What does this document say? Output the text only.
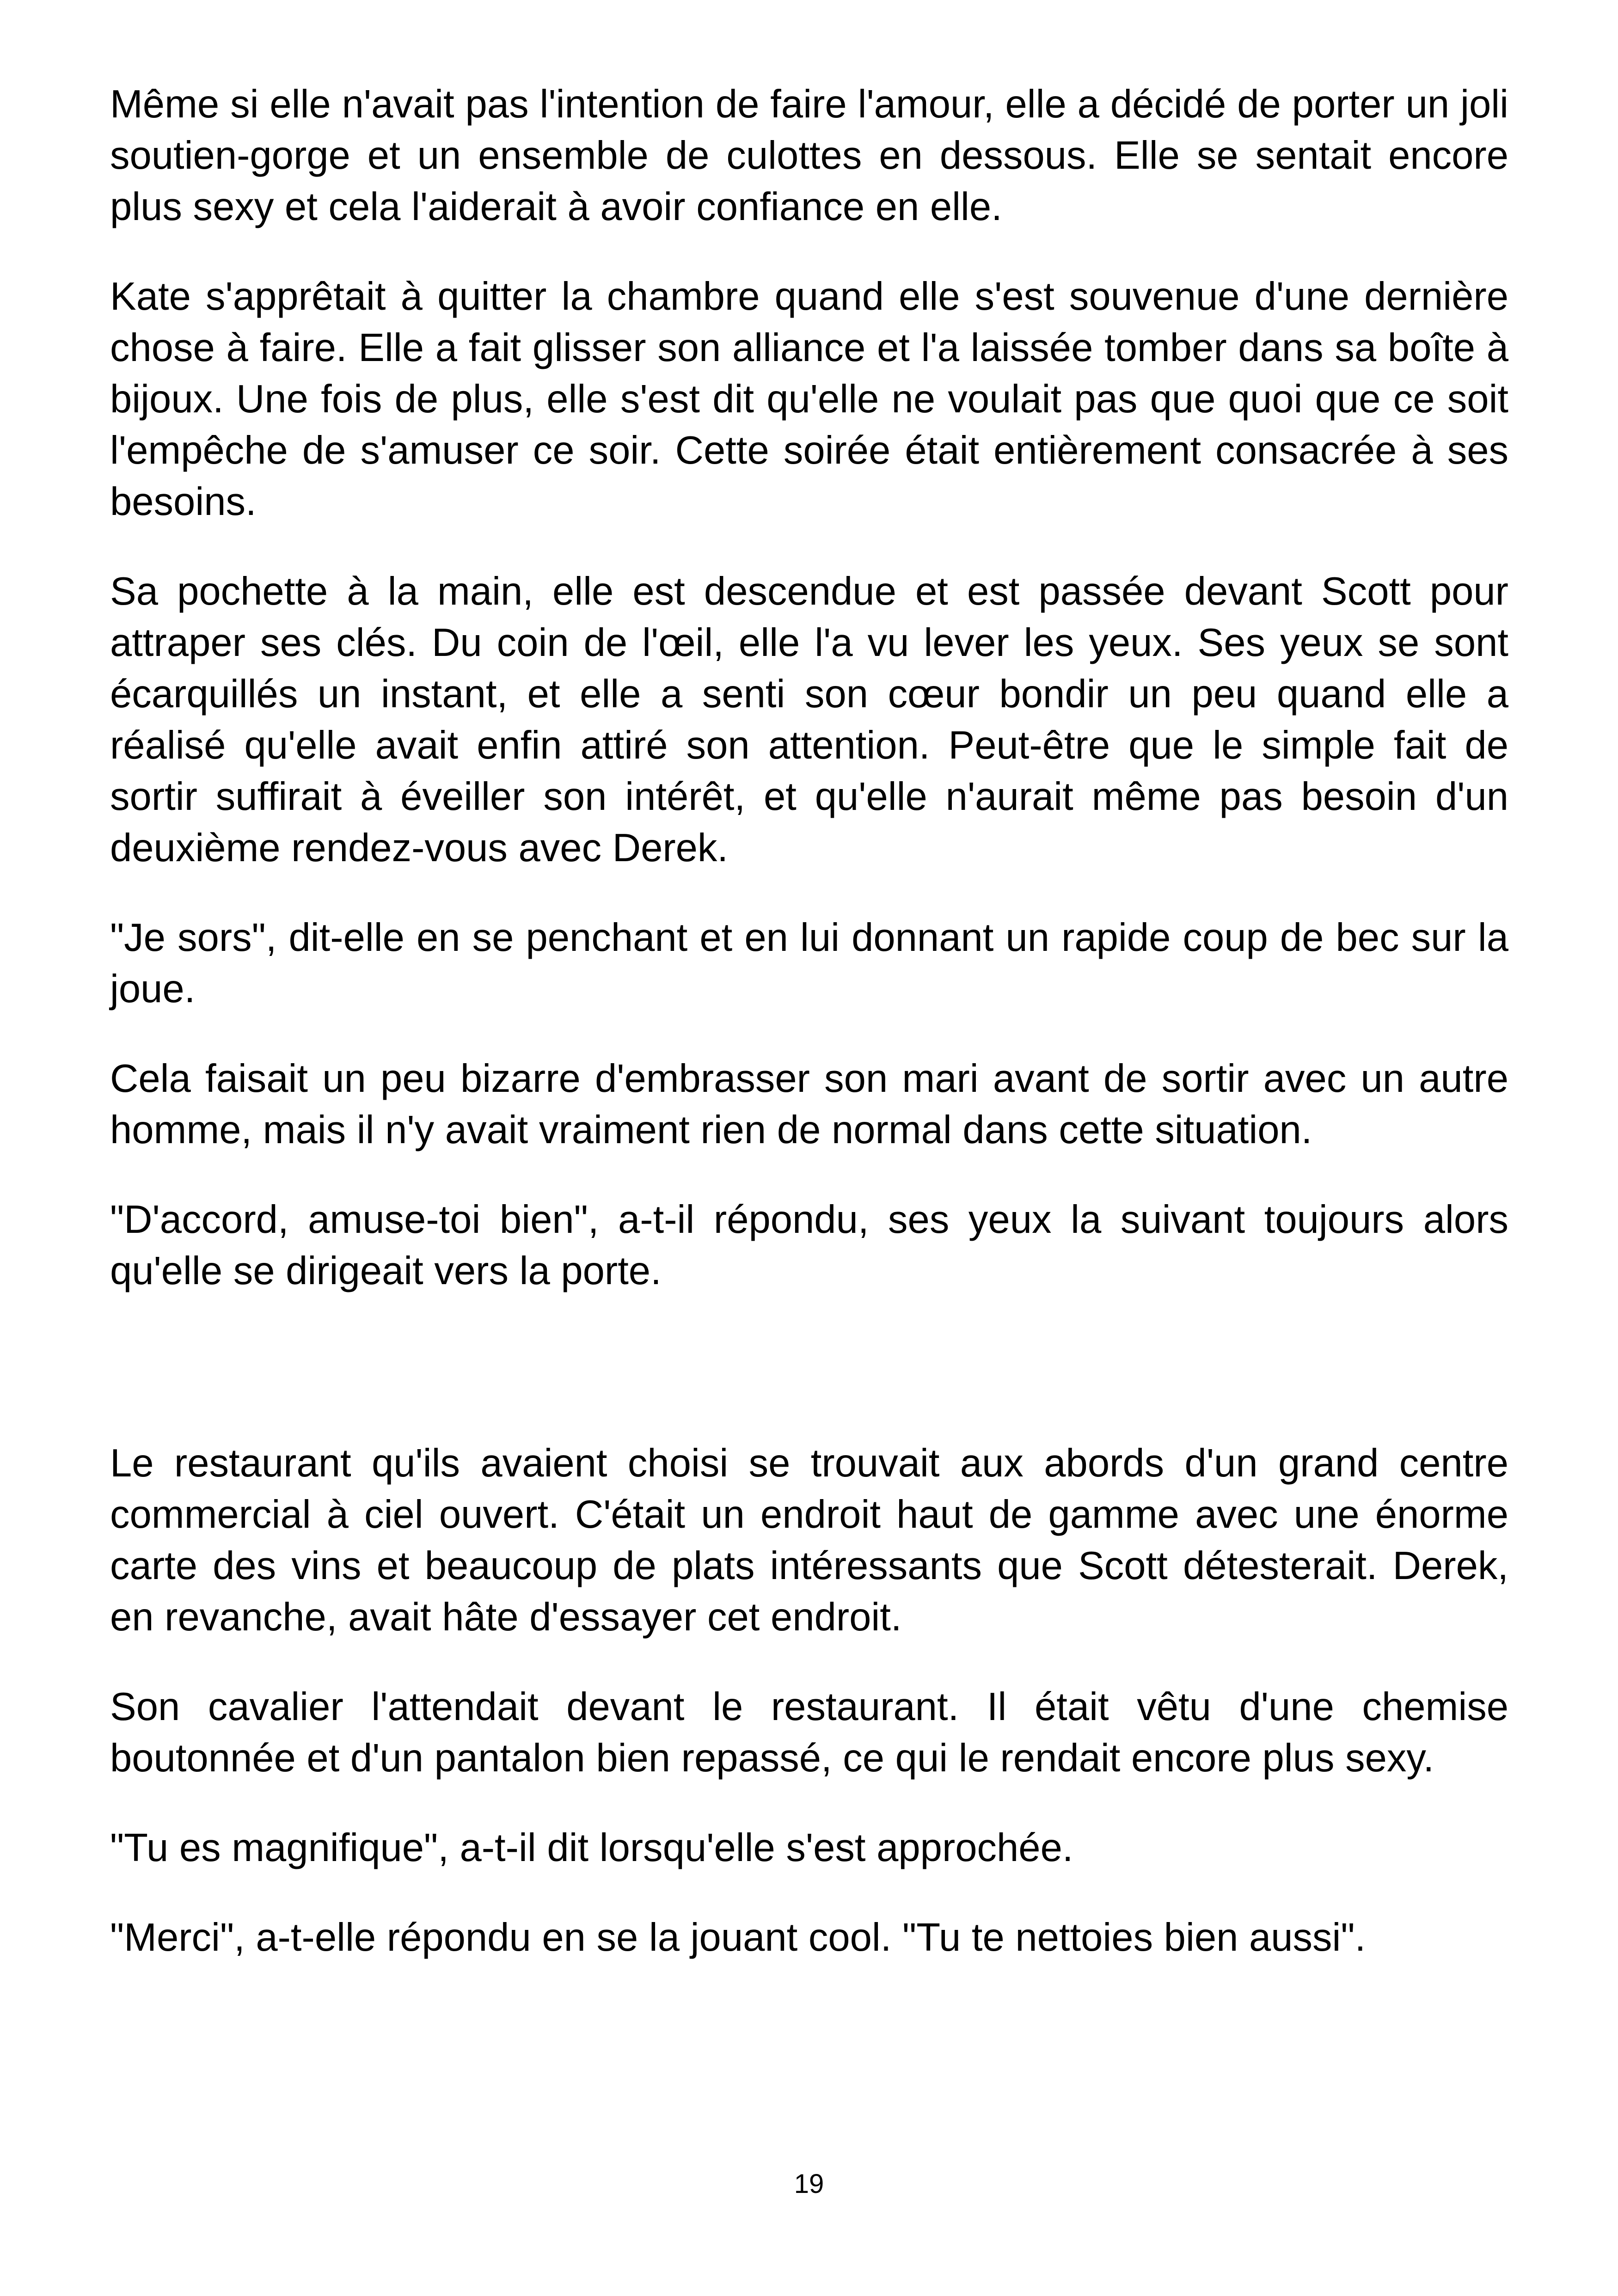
Même si elle n'avait pas l'intention de faire l'amour, elle a décidé de porter un joli soutien-gorge et un ensemble de culottes en dessous. Elle se sentait encore plus sexy et cela l'aiderait à avoir confiance en elle.

Kate s'apprêtait à quitter la chambre quand elle s'est souvenue d'une dernière chose à faire. Elle a fait glisser son alliance et l'a laissée tomber dans sa boîte à bijoux. Une fois de plus, elle s'est dit qu'elle ne voulait pas que quoi que ce soit l'empêche de s'amuser ce soir. Cette soirée était entièrement consacrée à ses besoins.

Sa pochette à la main, elle est descendue et est passée devant Scott pour attraper ses clés. Du coin de l'œil, elle l'a vu lever les yeux. Ses yeux se sont écarquillés un instant, et elle a senti son cœur bondir un peu quand elle a réalisé qu'elle avait enfin attiré son attention. Peut-être que le simple fait de sortir suffirait à éveiller son intérêt, et qu'elle n'aurait même pas besoin d'un deuxième rendez-vous avec Derek.

"Je sors", dit-elle en se penchant et en lui donnant un rapide coup de bec sur la joue.

Cela faisait un peu bizarre d'embrasser son mari avant de sortir avec un autre homme, mais il n'y avait vraiment rien de normal dans cette situation.

"D'accord, amuse-toi bien", a-t-il répondu, ses yeux la suivant toujours alors qu'elle se dirigeait vers la porte.

Le restaurant qu'ils avaient choisi se trouvait aux abords d'un grand centre commercial à ciel ouvert. C'était un endroit haut de gamme avec une énorme carte des vins et beaucoup de plats intéressants que Scott détesterait. Derek, en revanche, avait hâte d'essayer cet endroit.

Son cavalier l'attendait devant le restaurant. Il était vêtu d'une chemise boutonnée et d'un pantalon bien repassé, ce qui le rendait encore plus sexy.

"Tu es magnifique", a-t-il dit lorsqu'elle s'est approchée.

"Merci", a-t-elle répondu en se la jouant cool. "Tu te nettoies bien aussi".

19
